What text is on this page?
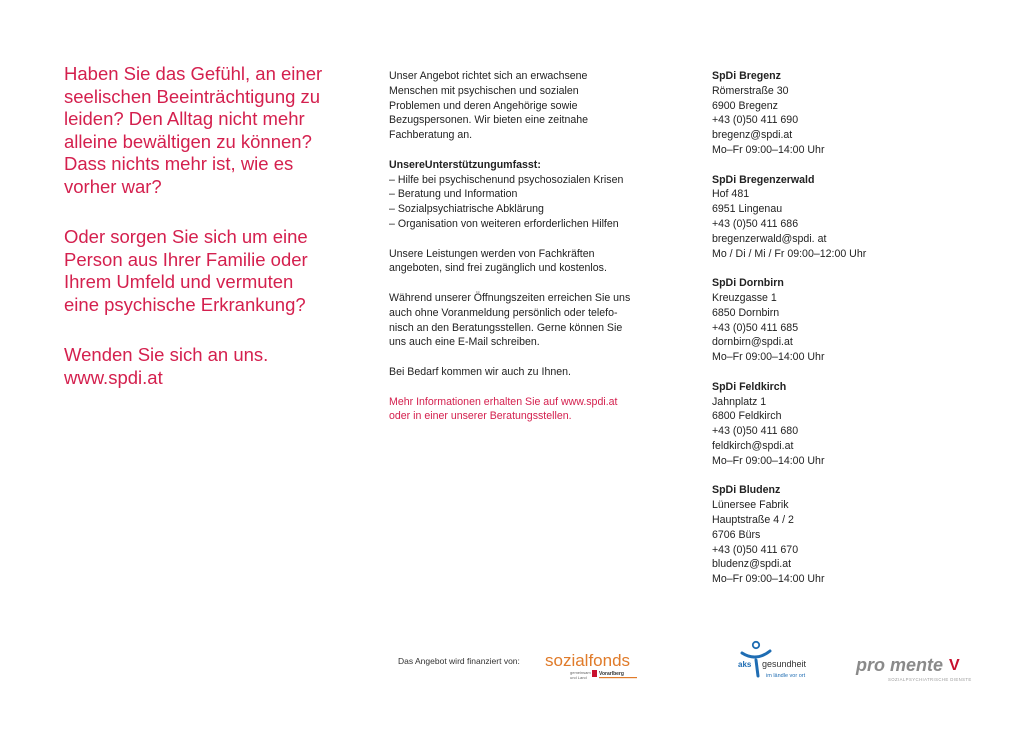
Haben Sie das Gefühl, an einer
seelischen Beeinträchtigung zu
leiden? Den Alltag nicht mehr
alleine bewältigen zu können?
Dass nichts mehr ist, wie es
vorher war?

Oder sorgen Sie sich um eine
Person aus Ihrer Familie oder
Ihrem Umfeld und vermuten
eine psychische Erkrankung?

Wenden Sie sich an uns.
www.spdi.at

Unser Angebot richtet sich an erwachsene
Menschen mit psychischen und sozialen
Problemen und deren Angehörige sowie
Bezugspersonen. Wir bieten eine zeitnahe
Fachberatung an.

UnsereUnterstützungumfasst:
– Hilfe bei psychischenund psychosozialen Krisen
– Beratung und Information
– Sozialpsychiatrische Abklärung
– Organisation von weiteren erforderlichen Hilfen

Unsere Leistungen werden von Fachkräften
angeboten, sind frei zugänglich und kostenlos.

Während unserer Öffnungszeiten erreichen Sie uns
auch ohne Voranmeldung persönlich oder telefo-
nisch an den Beratungsstellen. Gerne können Sie
uns auch eine E-Mail schreiben.

Bei Bedarf kommen wir auch zu Ihnen.

Mehr Informationen erhalten Sie auf www.spdi.at
oder in einer unserer Beratungsstellen.

SpDi Bregenz
Römerstraße 30
6900 Bregenz
+43 (0)50 411 690
bregenz@spdi.at
Mo–Fr 09:00–14:00 Uhr
SpDi Bregenzerwald
Hof 481
6951 Lingenau
+43 (0)50 411 686
bregenzerwald@spdi. at
Mo / Di / Mi / Fr 09:00–12:00 Uhr
SpDi Dornbirn
Kreuzgasse 1
6850 Dornbirn
+43 (0)50 411 685
dornbirn@spdi.at
Mo–Fr 09:00–14:00 Uhr
SpDi Feldkirch
Jahnplatz 1
6800 Feldkirch
+43 (0)50 411 680
feldkirch@spdi.at
Mo–Fr 09:00–14:00 Uhr
SpDi Bludenz
Lünersee Fabrik
Hauptstraße 4 / 2
6706 Bürs
+43 (0)50 411 670
bludenz@spdi.at
Mo–Fr 09:00–14:00 Uhr
Das Angebot wird finanziert von: sozialfonds
gemeinsam
und Land
Vorarlberg
aks gesundheit
im ländle vor ort
pro mente V
SOZIALPSYCHIATRISCHE DIENSTE
